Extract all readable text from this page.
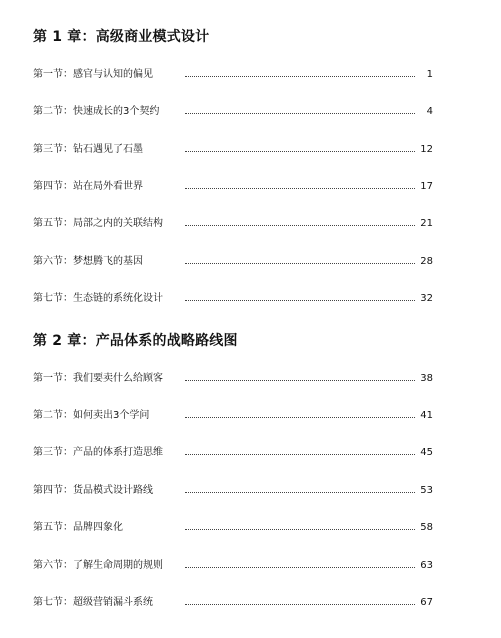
第 1 章：高级商业模式设计
第一节：感官与认知的偏见	1
第二节：快速成长的3个契约	4
第三节：钻石遇见了石墨	12
第四节：站在局外看世界	17
第五节：局部之内的关联结构	21
第六节：梦想腾飞的基因	28
第七节：生态链的系统化设计	32
第 2 章：产品体系的战略路线图
第一节：我们要卖什么给顾客	38
第二节：如何卖出3个学问	41
第三节：产品的体系打造思维	45
第四节：货品模式设计路线	53
第五节：品牌四象化	58
第六节：了解生命周期的规则	63
第七节：超级营销漏斗系统	67
